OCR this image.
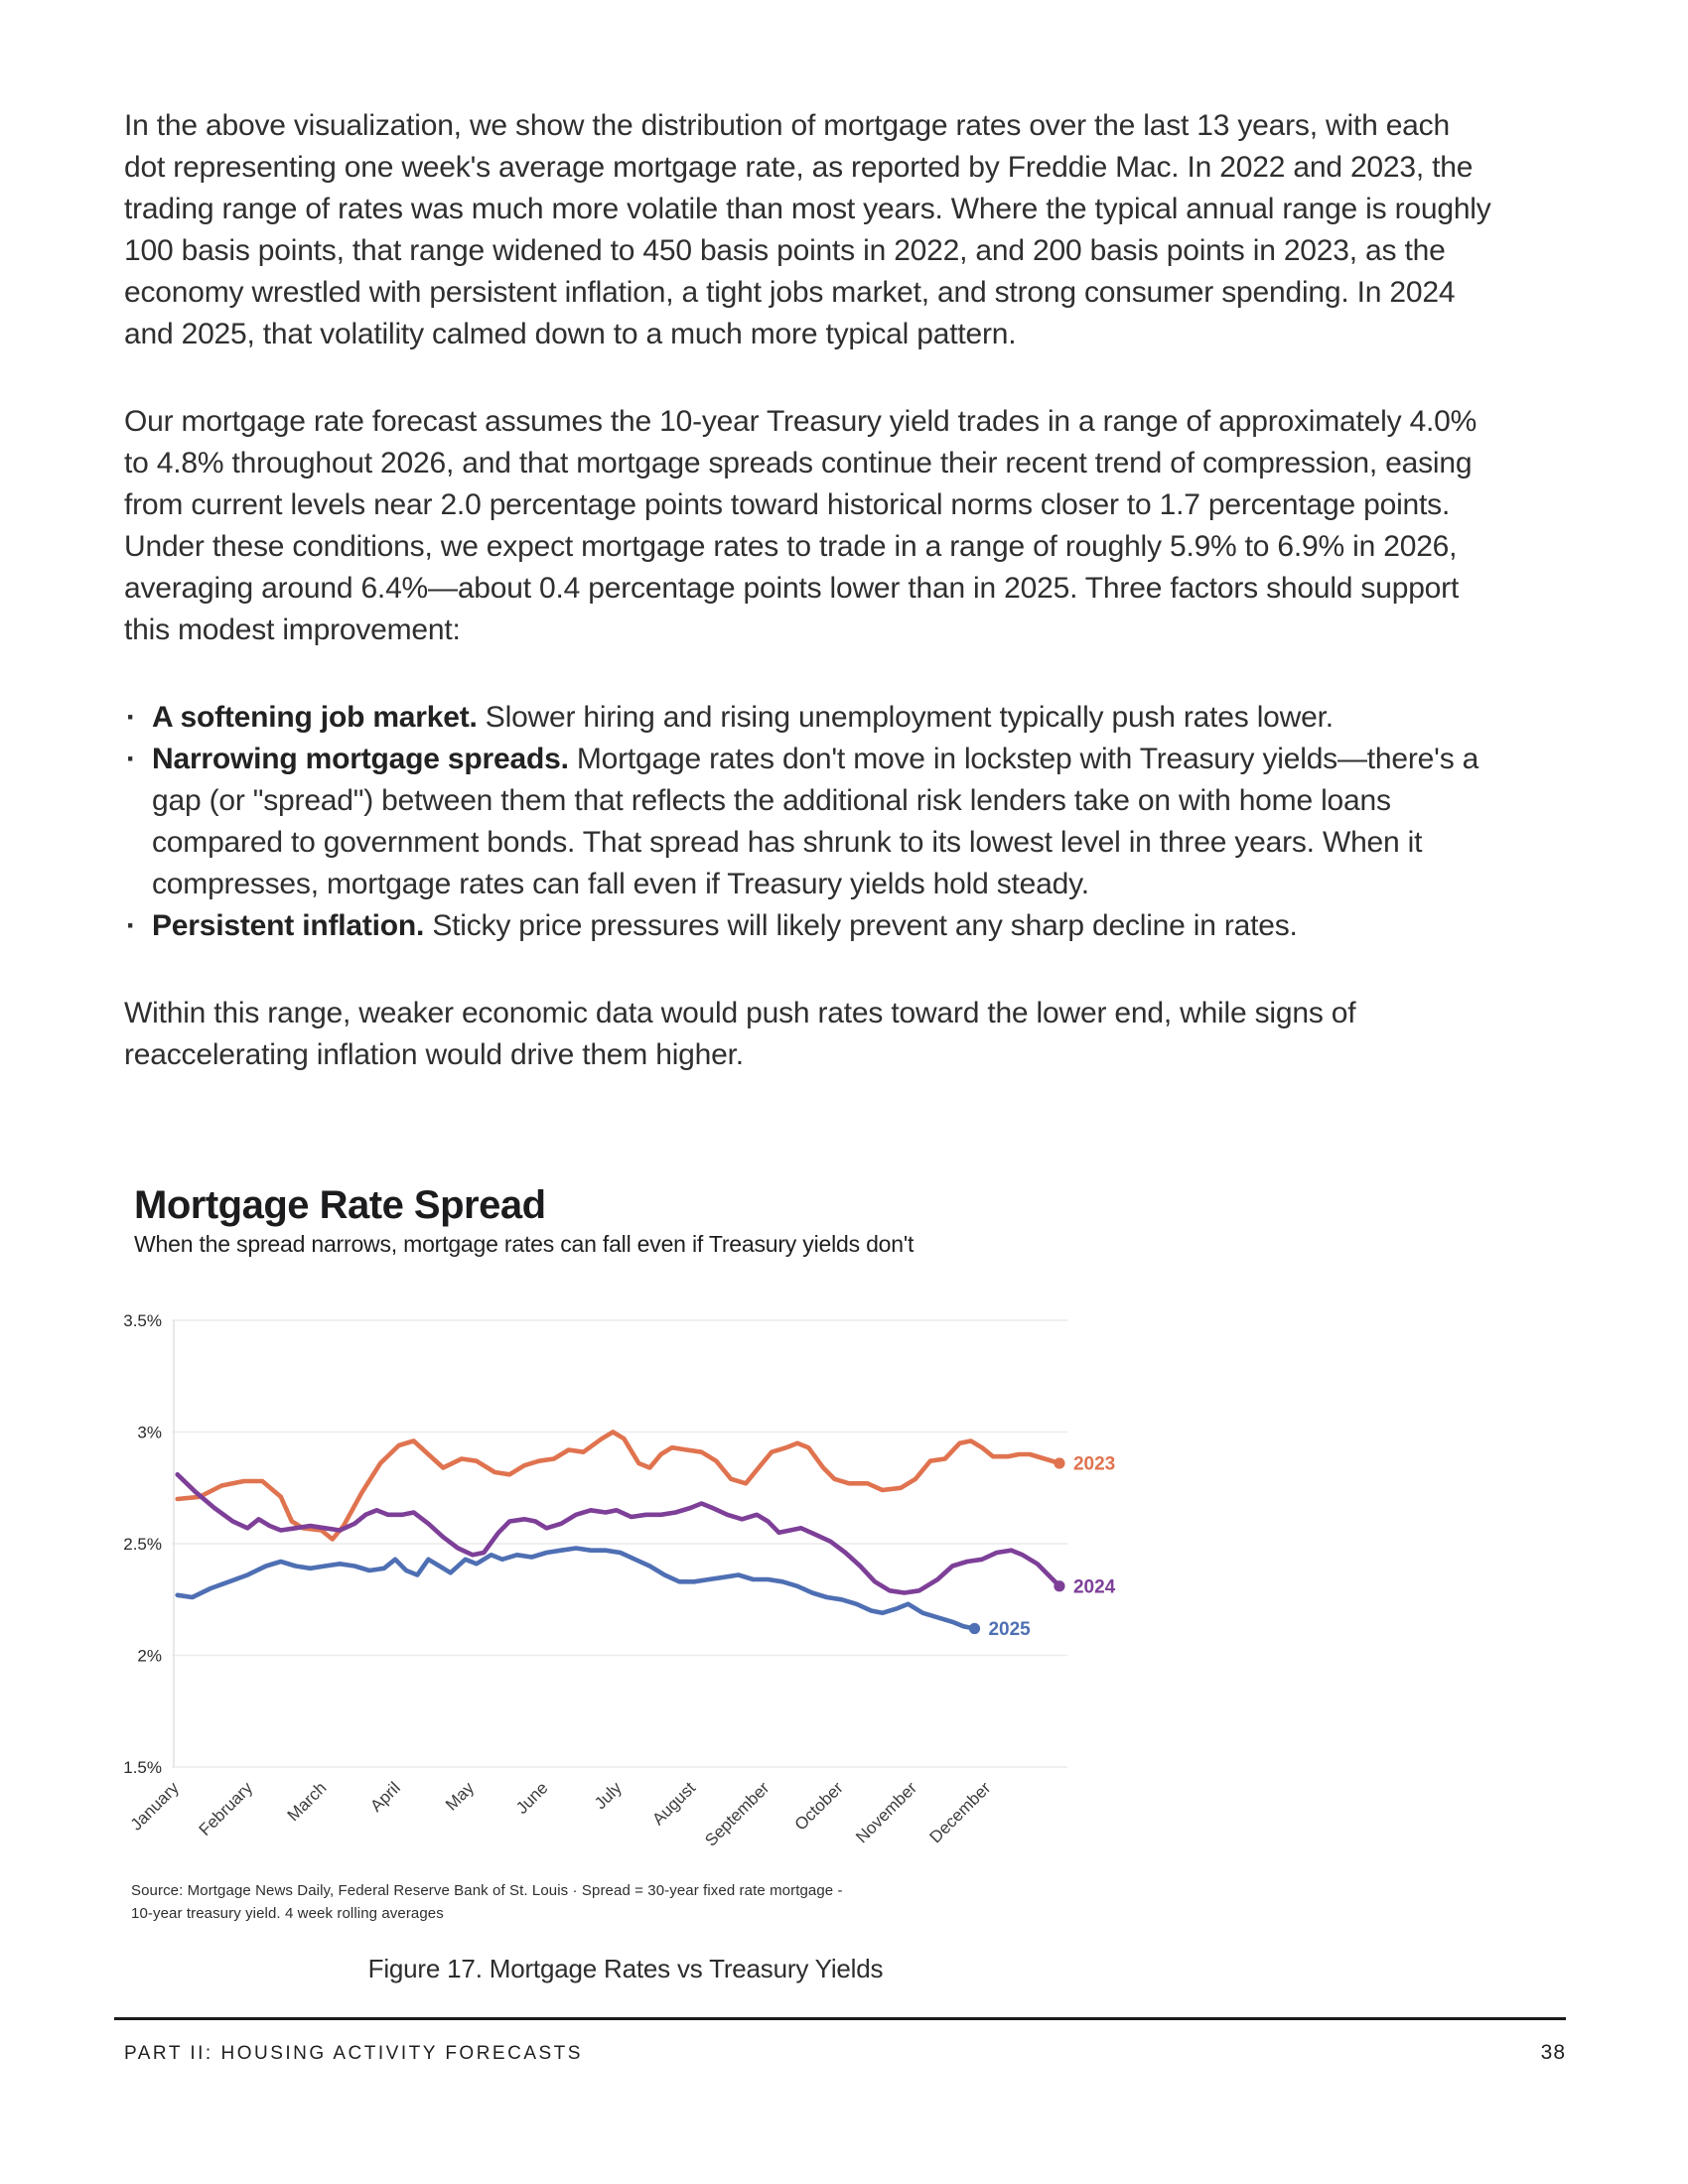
In the above visualization, we show the distribution of mortgage rates over the last 13 years, with each dot representing one week's average mortgage rate, as reported by Freddie Mac. In 2022 and 2023, the trading range of rates was much more volatile than most years. Where the typical annual range is roughly 100 basis points, that range widened to 450 basis points in 2022, and 200 basis points in 2023, as the economy wrestled with persistent inflation, a tight jobs market, and strong consumer spending. In 2024 and 2025, that volatility calmed down to a much more typical pattern.

Our mortgage rate forecast assumes the 10-year Treasury yield trades in a range of approximately 4.0% to 4.8% throughout 2026, and that mortgage spreads continue their recent trend of compression, easing from current levels near 2.0 percentage points toward historical norms closer to 1.7 percentage points. Under these conditions, we expect mortgage rates to trade in a range of roughly 5.9% to 6.9% in 2026, averaging around 6.4%—about 0.4 percentage points lower than in 2025. Three factors should support this modest improvement:

· A softening job market. Slower hiring and rising unemployment typically push rates lower.
· Narrowing mortgage spreads. Mortgage rates don't move in lockstep with Treasury yields—there's a gap (or "spread") between them that reflects the additional risk lenders take on with home loans compared to government bonds. That spread has shrunk to its lowest level in three years. When it compresses, mortgage rates can fall even if Treasury yields hold steady.
· Persistent inflation. Sticky price pressures will likely prevent any sharp decline in rates.

Within this range, weaker economic data would push rates toward the lower end, while signs of reaccelerating inflation would drive them higher.

Mortgage Rate Spread
When the spread narrows, mortgage rates can fall even if Treasury yields don't
3.5%
3%
2.5%
2%
1.5%
January February March April May June July August September October November December
2023
2024
2025
Source: Mortgage News Daily, Federal Reserve Bank of St. Louis · Spread = 30-year fixed rate mortgage -
10-year treasury yield. 4 week rolling averages
Figure 17. Mortgage Rates vs Treasury Yields
PART II: HOUSING ACTIVITY FORECASTS	38
